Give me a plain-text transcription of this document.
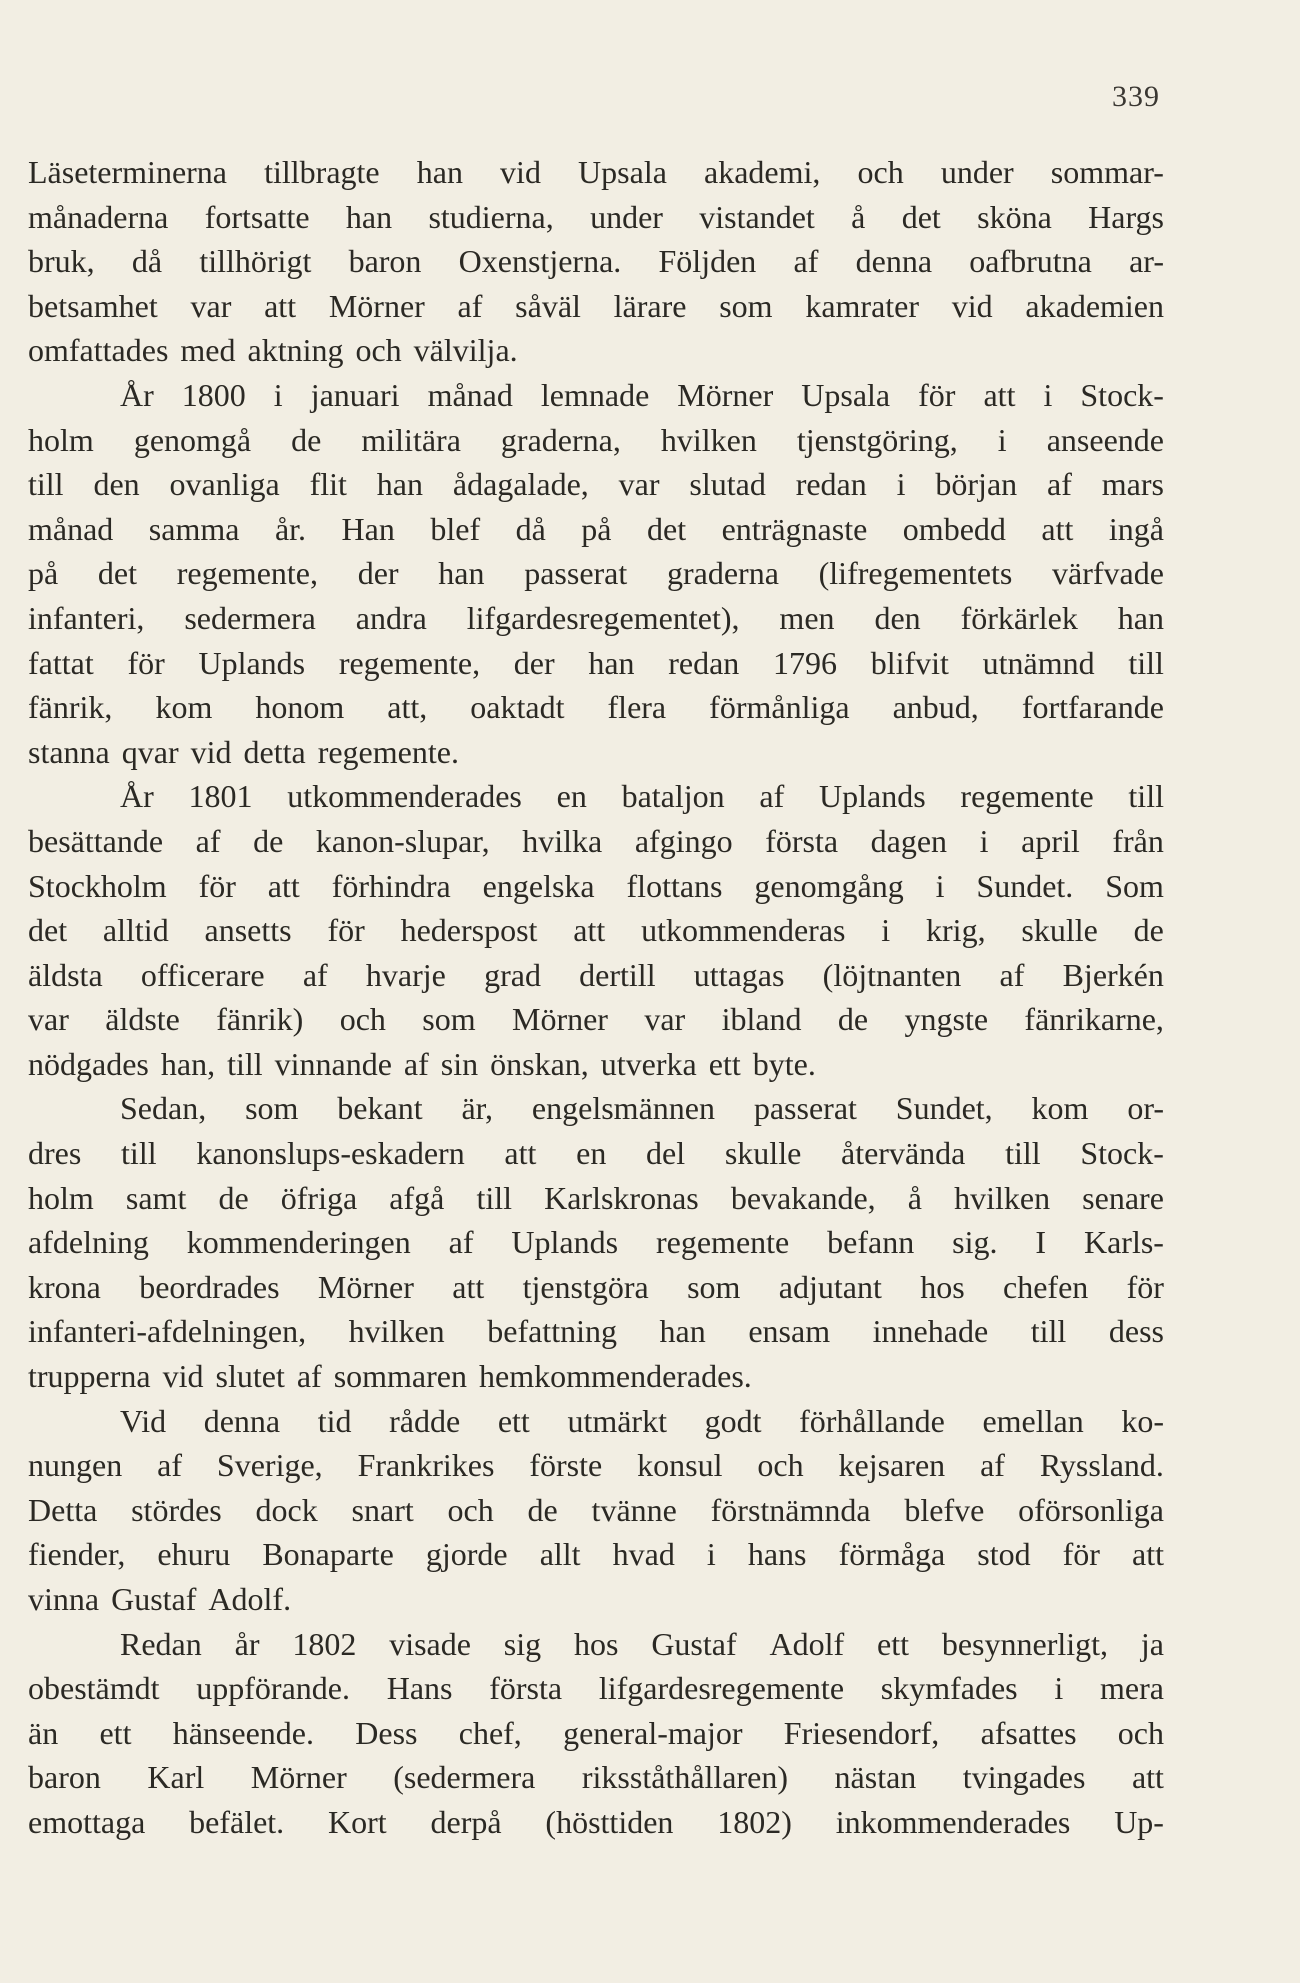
339
Läseterminerna tillbragte han vid Upsala akademi, och under sommar-
månaderna fortsatte han studierna, under vistandet å det sköna Hargs
bruk, då tillhörigt baron Oxenstjerna. Följden af denna oafbrutna ar-
betsamhet var att Mörner af såväl lärare som kamrater vid akademien
omfattades med aktning och välvilja.
År 1800 i januari månad lemnade Mörner Upsala för att i Stock-
holm genomgå de militära graderna, hvilken tjenstgöring, i anseende
till den ovanliga flit han ådagalade, var slutad redan i början af mars
månad samma år. Han blef då på det enträgnaste ombedd att ingå
på det regemente, der han passerat graderna (lifregementets värfvade
infanteri, sedermera andra lifgardesregementet), men den förkärlek han
fattat för Uplands regemente, der han redan 1796 blifvit utnämnd till
fänrik, kom honom att, oaktadt flera förmånliga anbud, fortfarande
stanna qvar vid detta regemente.
År 1801 utkommenderades en bataljon af Uplands regemente till
besättande af de kanon-slupar, hvilka afgingo första dagen i april från
Stockholm för att förhindra engelska flottans genomgång i Sundet. Som
det alltid ansetts för hederspost att utkommenderas i krig, skulle de
äldsta officerare af hvarje grad dertill uttagas (löjtnanten af Bjerkén
var äldste fänrik) och som Mörner var ibland de yngste fänrikarne,
nödgades han, till vinnande af sin önskan, utverka ett byte.
Sedan, som bekant är, engelsmännen passerat Sundet, kom or-
dres till kanonslups-eskadern att en del skulle återvända till Stock-
holm samt de öfriga afgå till Karlskronas bevakande, å hvilken senare
afdelning kommenderingen af Uplands regemente befann sig. I Karls-
krona beordrades Mörner att tjenstgöra som adjutant hos chefen för
infanteri-afdelningen, hvilken befattning han ensam innehade till dess
trupperna vid slutet af sommaren hemkommenderades.
Vid denna tid rådde ett utmärkt godt förhållande emellan ko-
nungen af Sverige, Frankrikes förste konsul och kejsaren af Ryssland.
Detta stördes dock snart och de tvänne förstnämnda blefve oförsonliga
fiender, ehuru Bonaparte gjorde allt hvad i hans förmåga stod för att
vinna Gustaf Adolf.
Redan år 1802 visade sig hos Gustaf Adolf ett besynnerligt, ja
obestämdt uppförande. Hans första lifgardesregemente skymfades i mera
än ett hänseende. Dess chef, general-major Friesendorf, afsattes och
baron Karl Mörner (sedermera riksståthållaren) nästan tvingades att
emottaga befälet. Kort derpå (hösttiden 1802) inkommenderades Up-
